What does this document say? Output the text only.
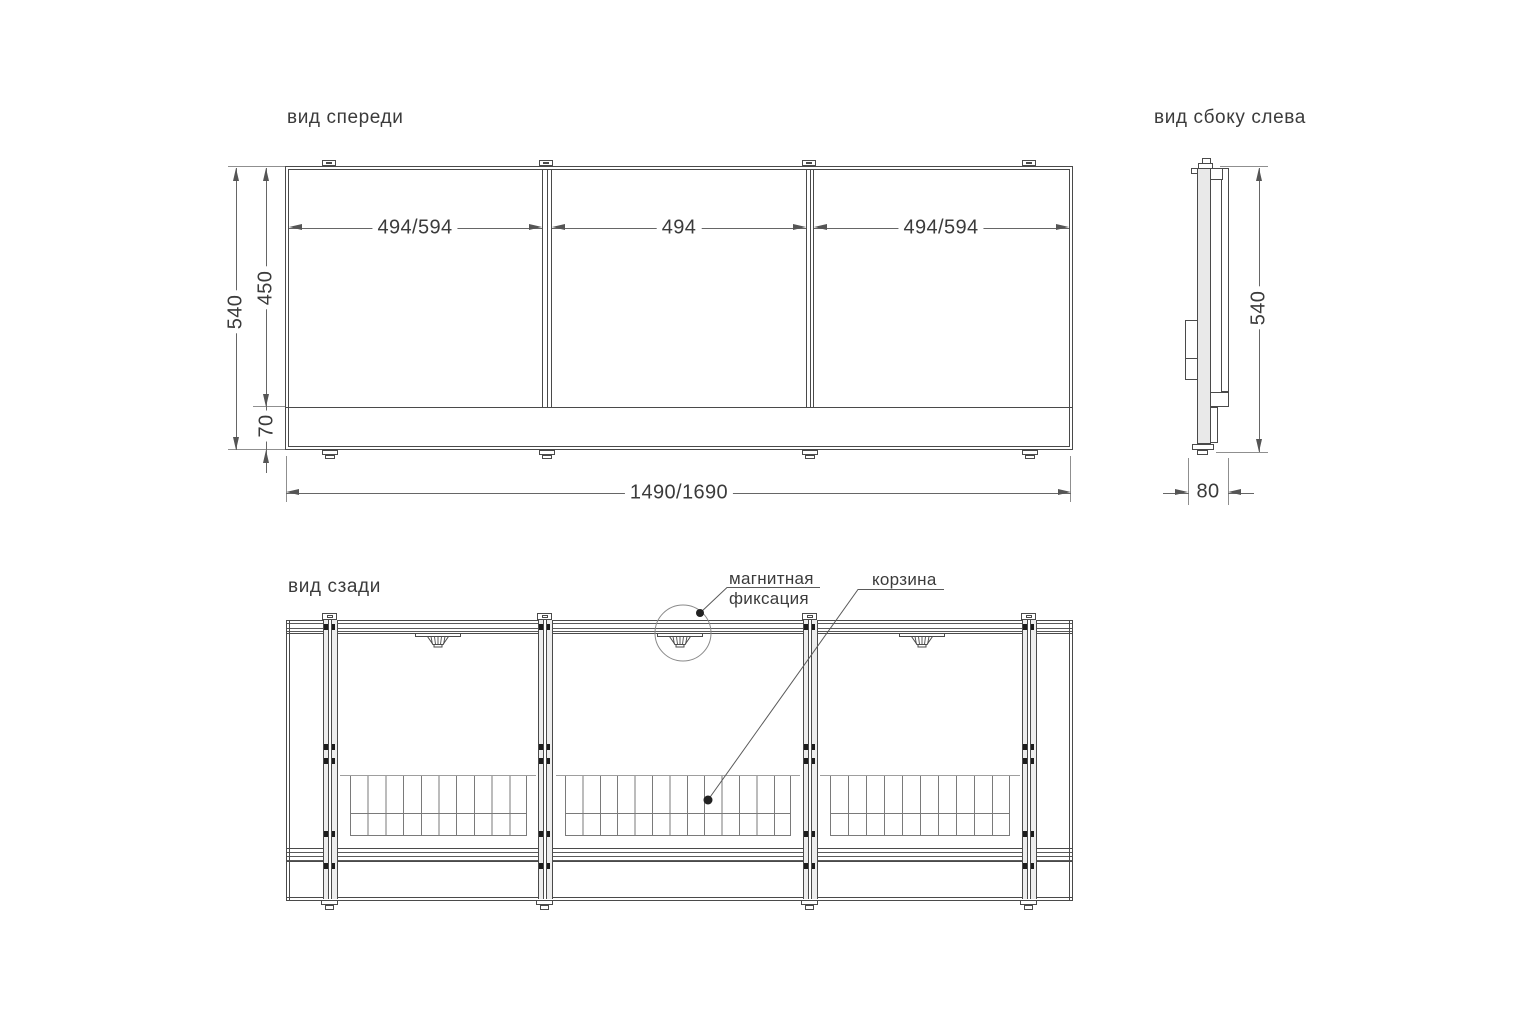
вид спереди
540
450
70
494/594	494	494/594
1490/1690
вид сбоку слева
540
80
вид сзади	магнитная
фиксация
корзина
